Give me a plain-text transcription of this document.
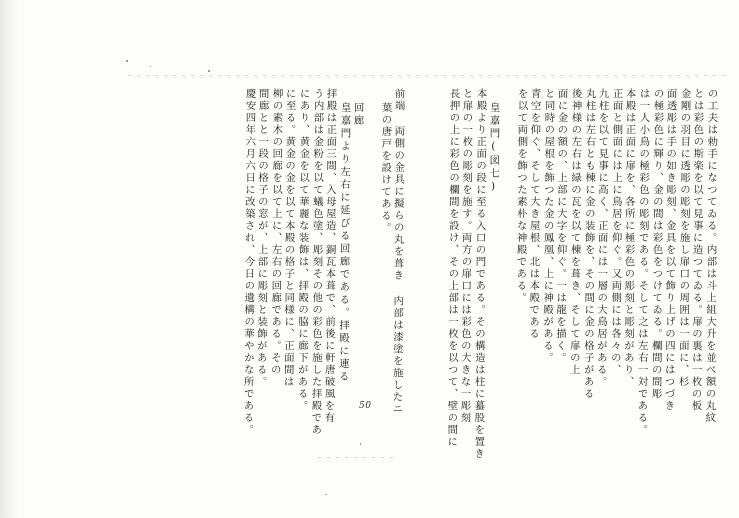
の工夫は勅手になつてゐる。内部は斗上組大升を並べ額の丸紋
とは彩色の斯楽を以て見事に造つてゐる。扉の裏は一枚の板
金剛の羽目に透彫の彫刻を施し扉口の周囲は一面に、杉
面透彫は手の如き彫刻、金具を以て飾り上げの四にはつづき
の極彩色に輝り、金の間は彩色をつけてゐる。欄間の間彫
は一人小鳥の極彩色の彫刻である。そして之は左右一対である。
本殿は正面に扉を、各所に極彩色の彫刻と彫刻があり、
正面と側面には上に鳥居を仰ぐ。又両側には各々の、
九柱を以て見事に高く、正面には一層の大鳥居がある。
丸柱は左右とも棟に金の装飾を、その間に金の格子がある
後神様の左右は緑の瓦を以て棟を葺き、そして扉の上
面に金の額の、上部に大字を仰ぐ。一は龍を描く。
と同時の屋根を飾つた金の鳳凰、上に神殿がある。
青空を仰ぐ、そして大き屋根、北は本殿である
を以て両側を飾つた素朴な神殿である。
皇嘉門(図七)
本殿より正面の段に至る入口の門である。その構造は柱に蟇股を置き
と扉の一枚の彫刻を施す。両方の扉口には彩色の大きな一彫刻
長押の上に彩色の欄間を設け、その上部は一枚を以つて、壁の間に
前端 両側の金具に擬らの丸を葺き 内部は漆塗を施したニ
葉の唐戸を設けてある。
回廊
皇嘉門より左右に延びる回廊である。拝殿に連る
拝殿は正面三間、入母屋造、銅瓦本葺で、前後に軒唐破風を有
う内部は金粉を以て蟻色塗、彫刻その他の彩色を施した拝殿であ
にあり、黄金を以て華麗な装飾は、拝殿の脇に廊下がある。
に至る。黄金の金を以て本殿の格子と同様に、正面間は
柳の素木の回廊を以て上に、左右の回廊である。その
間廊とと一段の格子の窓が、上部に彫刻と装飾がある。
慶安四年六月六日に改築され、今日の遺構の華やかな所である。	50
